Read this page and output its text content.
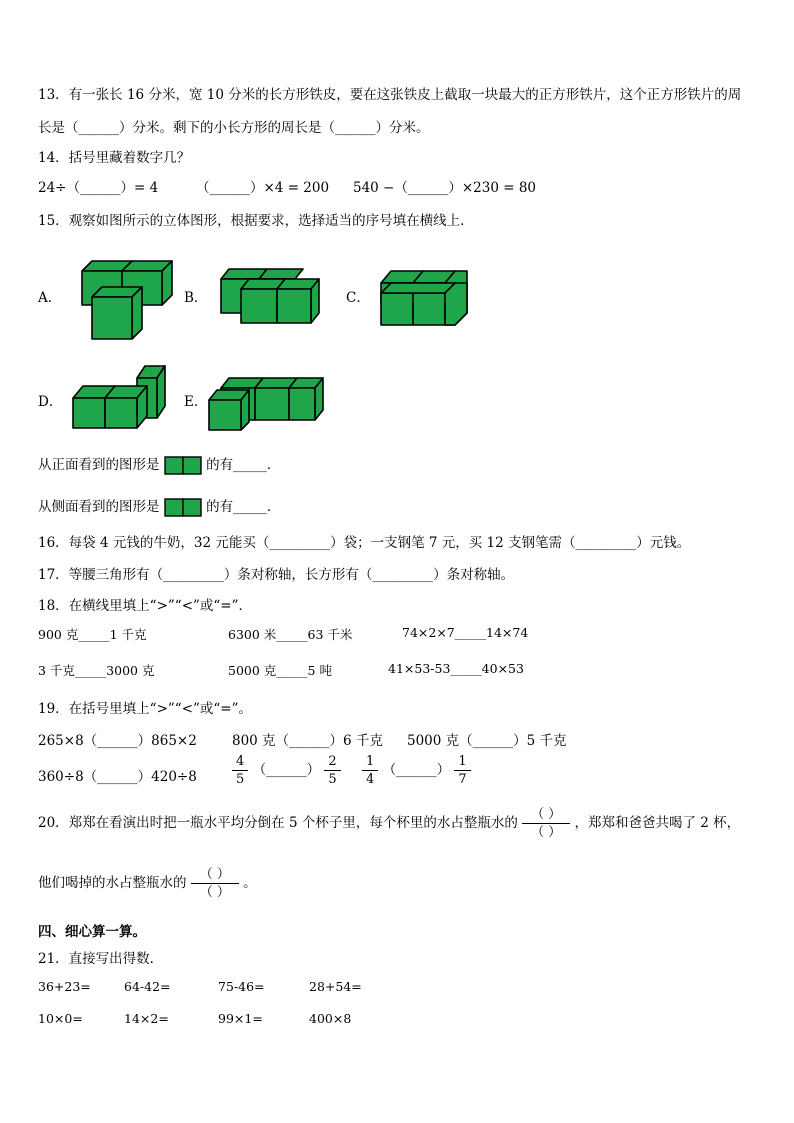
13．有一张长 16 分米，宽 10 分米的长方形铁皮，要在这张铁皮上截取一块最大的正方形铁片，这个正方形铁片的周
长是（______）分米。剩下的小长方形的周长是（______）分米。
14．括号里藏着数字几？
24÷（______）= 4	（______）×4 = 200 540 −（______）×230 = 80
15．观察如图所示的立体图形，根据要求，选择适当的序号填在横线上．
A．	B．	C．
D．	E．
从正面看到的图形是	的有_____．
从侧面看到的图形是	的有_____．
16．每袋 4 元钱的牛奶，32 元能买（_________）袋；一支钢笔 7 元，买 12 支钢笔需（_________）元钱。
17．等腰三角形有（_________）条对称轴，长方形有（_________）条对称轴。
18．在横线里填上“>”“<”或“=”．
900 克_____1 千克	6300 米_____63 千米	74×2×7_____14×74
3 千克_____3000 克	5000 克_____5 吨	41×53-53_____40×53
19．在括号里填上“>”“<”或“=”。
265×8（______）865×2	800 克（______）6 千克 5000 克（______）5 千克
360÷8（______）420÷8	$\frac{4}{5}$ （______） $\frac{2}{5} \frac{1}{4}$ （______） $\frac{1}{7}$
20．郑郑在看演出时把一瓶水平均分倒在 5 个杯子里，每个杯里的水占整瓶水的 $\frac{( )}{( )}$ ，郑郑和爸爸共喝了 2 杯，
他们喝掉的水占整瓶水的 $\frac{( )}{( )}$ 。
四、细心算一算。
21．直接写出得数．
36+23=	64-42=	75-46=	28+54=
10×0=	14×2=	99×1=	400×8
